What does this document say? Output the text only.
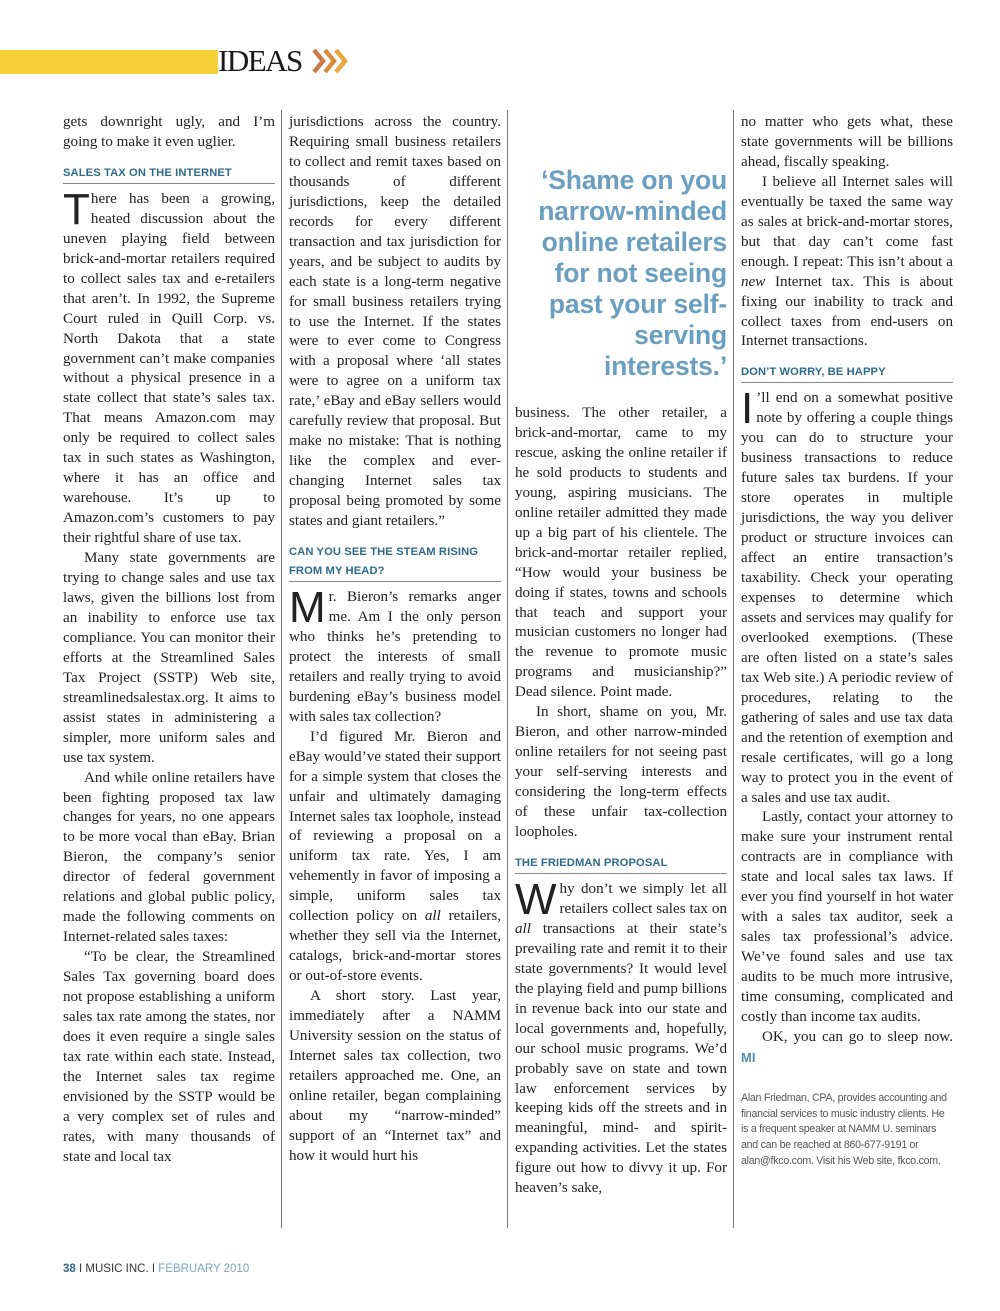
IDEAS

gets downright ugly, and I’m going to make it even uglier.

SALES TAX ON THE INTERNET

There has been a growing, heated discussion about the uneven playing field between brick-and-mortar retailers required to collect sales tax and e-retailers that aren’t. In 1992, the Supreme Court ruled in Quill Corp. vs. North Dakota that a state government can’t make companies without a physical presence in a state collect that state’s sales tax. That means Amazon.com may only be required to collect sales tax in such states as Washington, where it has an office and warehouse. It’s up to Amazon.com’s customers to pay their rightful share of use tax.

Many state governments are trying to change sales and use tax laws, given the billions lost from an inability to enforce use tax compliance. You can monitor their efforts at the Streamlined Sales Tax Project (SSTP) Web site, streamlinedsalestax.org. It aims to assist states in administering a simpler, more uniform sales and use tax system.

And while online retailers have been fighting proposed tax law changes for years, no one appears to be more vocal than eBay. Brian Bieron, the company’s senior director of federal government relations and global public policy, made the following comments on Internet-related sales taxes:

“To be clear, the Streamlined Sales Tax governing board does not propose establishing a uniform sales tax rate among the states, nor does it even require a single sales tax rate within each state. Instead, the Internet sales tax regime envisioned by the SSTP would be a very complex set of rules and rates, with many thousands of state and local tax

jurisdictions across the country. Requiring small business retailers to collect and remit taxes based on thousands of different jurisdictions, keep the detailed records for every different transaction and tax jurisdiction for years, and be subject to audits by each state is a long-term negative for small business retailers trying to use the Internet. If the states were to ever come to Congress with a proposal where ‘all states were to agree on a uniform tax rate,’ eBay and eBay sellers would carefully review that proposal. But make no mistake: That is nothing like the complex and ever-changing Internet sales tax proposal being promoted by some states and giant retailers.”

CAN YOU SEE THE STEAM RISING FROM MY HEAD?

Mr. Bieron’s remarks anger me. Am I the only person who thinks he’s pretending to protect the interests of small retailers and really trying to avoid burdening eBay’s business model with sales tax collection?

I’d figured Mr. Bieron and eBay would’ve stated their support for a simple system that closes the unfair and ultimately damaging Internet sales tax loophole, instead of reviewing a proposal on a uniform tax rate. Yes, I am vehemently in favor of imposing a simple, uniform sales tax collection policy on all retailers, whether they sell via the Internet, catalogs, brick-and-mortar stores or out-of-store events.

A short story. Last year, immediately after a NAMM University session on the status of Internet sales tax collection, two retailers approached me. One, an online retailer, began complaining about my “narrow-minded” support of an “Internet tax” and how it would hurt his

‘Shame on you narrow-minded online retailers for not seeing past your self-serving interests.’

business. The other retailer, a brick-and-mortar, came to my rescue, asking the online retailer if he sold products to students and young, aspiring musicians. The online retailer admitted they made up a big part of his clientele. The brick-and-mortar retailer replied, “How would your business be doing if states, towns and schools that teach and support your musician customers no longer had the revenue to promote music programs and musicianship?” Dead silence. Point made.

In short, shame on you, Mr. Bieron, and other narrow-minded online retailers for not seeing past your self-serving interests and considering the long-term effects of these unfair tax-collection loopholes.

THE FRIEDMAN PROPOSAL

Why don’t we simply let all retailers collect sales tax on all transactions at their state’s prevailing rate and remit it to their state governments? It would level the playing field and pump billions in revenue back into our state and local governments and, hopefully, our school music programs. We’d probably save on state and town law enforcement services by keeping kids off the streets and in meaningful, mind- and spirit-expanding activities. Let the states figure out how to divvy it up. For heaven’s sake,

no matter who gets what, these state governments will be billions ahead, fiscally speaking.

I believe all Internet sales will eventually be taxed the same way as sales at brick-and-mortar stores, but that day can’t come fast enough. I repeat: This isn’t about a new Internet tax. This is about fixing our inability to track and collect taxes from end-users on Internet transactions.

DON’T WORRY, BE HAPPY

I ’ll end on a somewhat positive note by offering a couple things you can do to structure your business transactions to reduce future sales tax burdens. If your store operates in multiple jurisdictions, the way you deliver product or structure invoices can affect an entire transaction’s taxability. Check your operating expenses to determine which assets and services may qualify for overlooked exemptions. (These are often listed on a state’s sales tax Web site.) A periodic review of procedures, relating to the gathering of sales and use tax data and the retention of exemption and resale certificates, will go a long way to protect you in the event of a sales and use tax audit.

Lastly, contact your attorney to make sure your instrument rental contracts are in compliance with state and local sales tax laws. If ever you find yourself in hot water with a sales tax auditor, seek a sales tax professional’s advice. We’ve found sales and use tax audits to be much more intrusive, time consuming, complicated and costly than income tax audits.

OK, you can go to sleep now. MI

Alan Friedman, CPA, provides accounting and financial services to music industry clients. He is a frequent speaker at NAMM U. seminars and can be reached at 860-677-9191 or alan@fkco.com. Visit his Web site, fkco.com.
38 I MUSIC INC. I FEBRUARY 2010
